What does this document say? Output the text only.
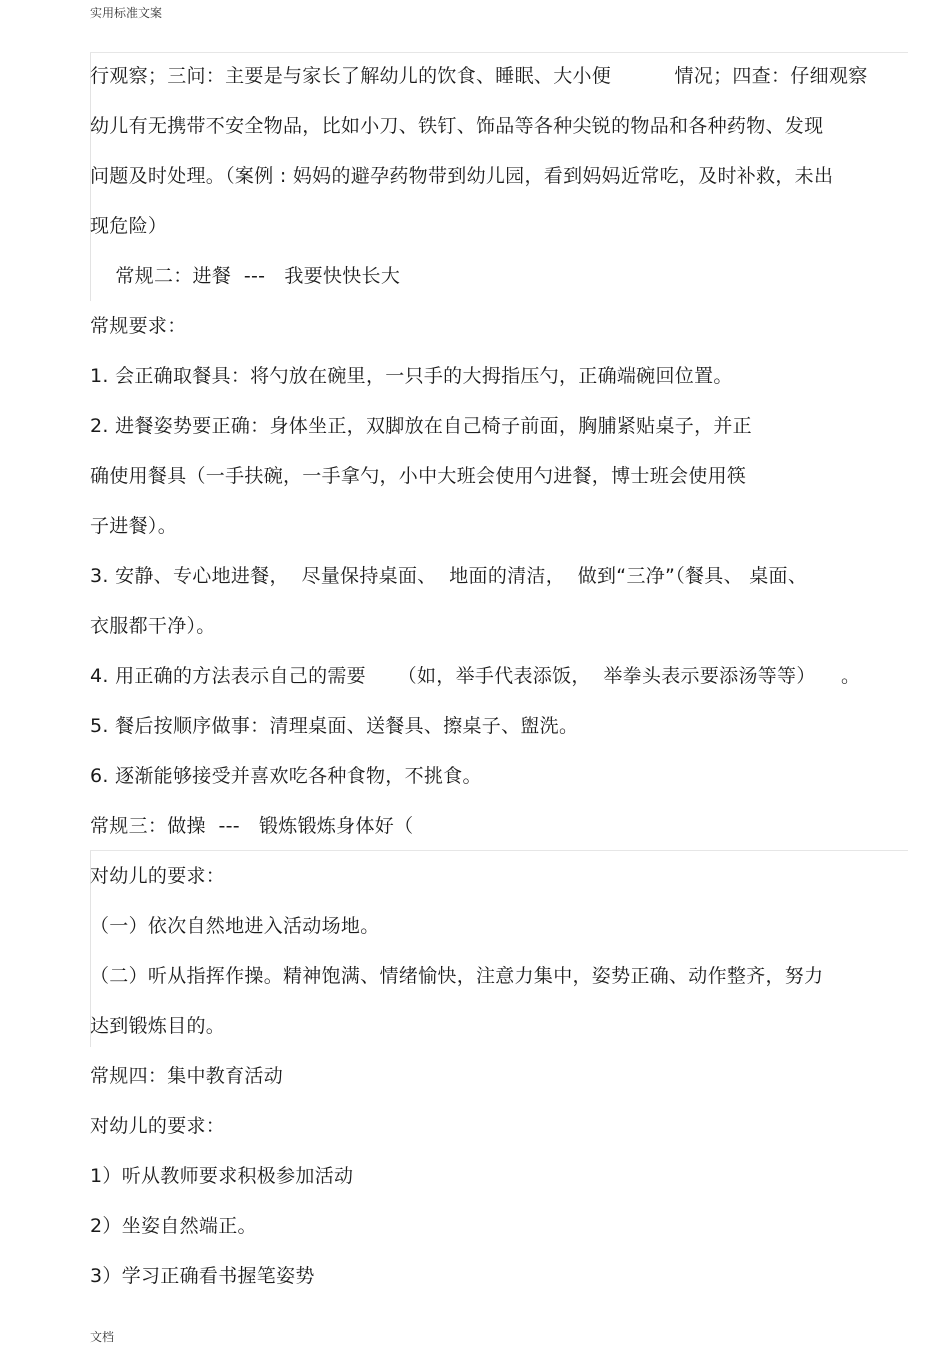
实用标准文案
行观察；三问：主要是与家长了解幼儿的饮食、睡眠、大小便          情况；四查：仔细观察
幼儿有无携带不安全物品，比如小刀、铁钉、饰品等各种尖锐的物品和各种药物、发现
问题及时处理。（案例 : 妈妈的避孕药物带到幼儿园，看到妈妈近常吃，及时补救，未出
现危险）
常规二：进餐  ---   我要快快长大
常规要求：
1. 会正确取餐具：将勺放在碗里，一只手的大拇指压勺，正确端碗回位置。
2. 进餐姿势要正确：身体坐正，双脚放在自己椅子前面，胸脯紧贴桌子，并正
确使用餐具（一手扶碗，一手拿勺，小中大班会使用勺进餐，博士班会使用筷
子进餐）。
3. 安静、专心地进餐，  尽量保持桌面、  地面的清洁，  做到“三净”（餐具、 桌面、
衣服都干净）。
4. 用正确的方法表示自己的需要     （如，举手代表添饭，  举拳头表示要添汤等等）    。
5. 餐后按顺序做事：清理桌面、送餐具、擦桌子、盥洗。
6. 逐渐能够接受并喜欢吃各种食物，不挑食。
常规三：做操  ---   锻炼锻炼身体好（
对幼儿的要求：
（一）依次自然地进入活动场地。
（二）听从指挥作操。精神饱满、情绪愉快，注意力集中，姿势正确、动作整齐，努力
达到锻炼目的。
常规四：集中教育活动
对幼儿的要求：
1）听从教师要求积极参加活动
2）坐姿自然端正。
3）学习正确看书握笔姿势
文档
